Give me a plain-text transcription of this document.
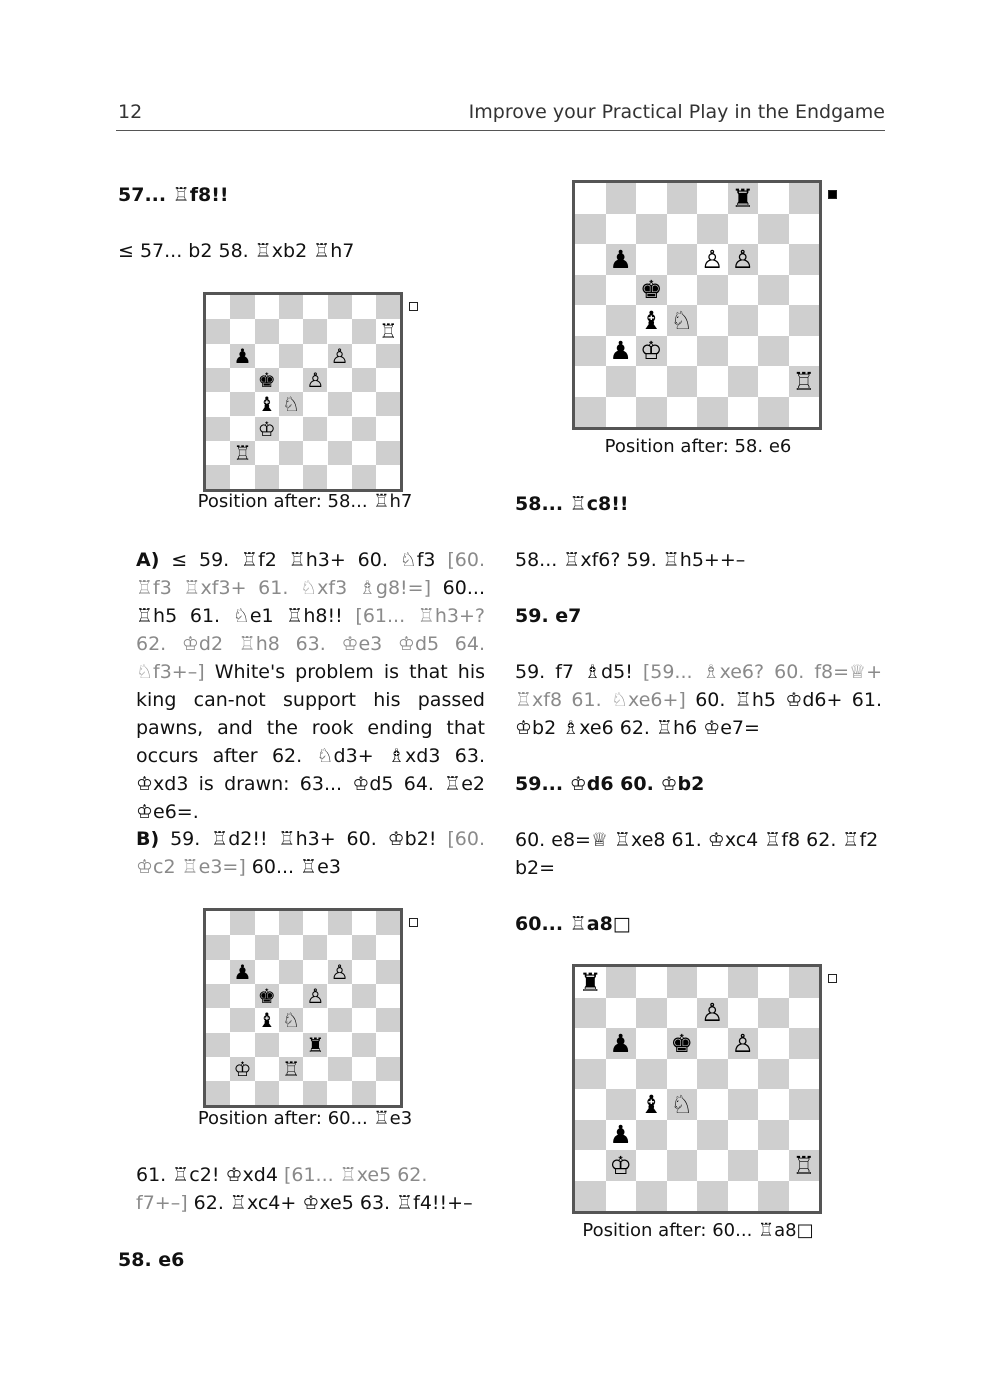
12	Improve your Practical Play in the Endgame
57... ♖f8!!
≤ 57... b2 58. ♖xb2 ♖h7
♖
♟	♙
♚ ♙
♝ ♘
♔
♖
Position after: 58... ♖h7
A) ≤ 59. ♖f2 ♖h3+ 60. ♘f3 [60. ♖f3 ♖xf3+ 61. ♘xf3 ♗g8!=] 60... ♖h5 61. ♘e1 ♖h8!! [61... ♖h3+? 62. ♔d2 ♖h8 63. ♔e3 ♔d5 64. ♘f3+–] White's problem is that his king can-not support his passed pawns, and the rook ending that occurs after 62. ♘d3+ ♗xd3 63. ♔xd3 is drawn: 63... ♔d5 64. ♖e2 ♔e6=.
B) 59. ♖d2!! ♖h3+ 60. ♔b2! [60. ♔c2 ♖e3=] 60... ♖e3
♟	♙
♚ ♙
♝ ♘
♜
♔ ♖
Position after: 60... ♖e3
61. ♖c2! ♔xd4 [61... ♖xe5 62. f7+–] 62. ♖xc4+ ♔xe5 63. ♖f4!!+–
58. e6
♜
♟	♙ ♙
♚
♝ ♘
♟ ♔
♖
Position after: 58. e6
58... ♖c8!!
58... ♖xf6? 59. ♖h5++–
59. e7
59. f7 ♗d5! [59... ♗xe6? 60. f8=♕+ ♖xf8 61. ♘xe6+] 60. ♖h5 ♔d6+ 61. ♔b2 ♗xe6 62. ♖h6 ♔e7=
59... ♔d6 60. ♔b2
60. e8=♕ ♖xe8 61. ♔xc4 ♖f8 62. ♖f2 b2=
60... ♖a8□
♜
♙
♟ ♚ ♙
♝ ♘
♟
♔	♖
Position after: 60... ♖a8□
